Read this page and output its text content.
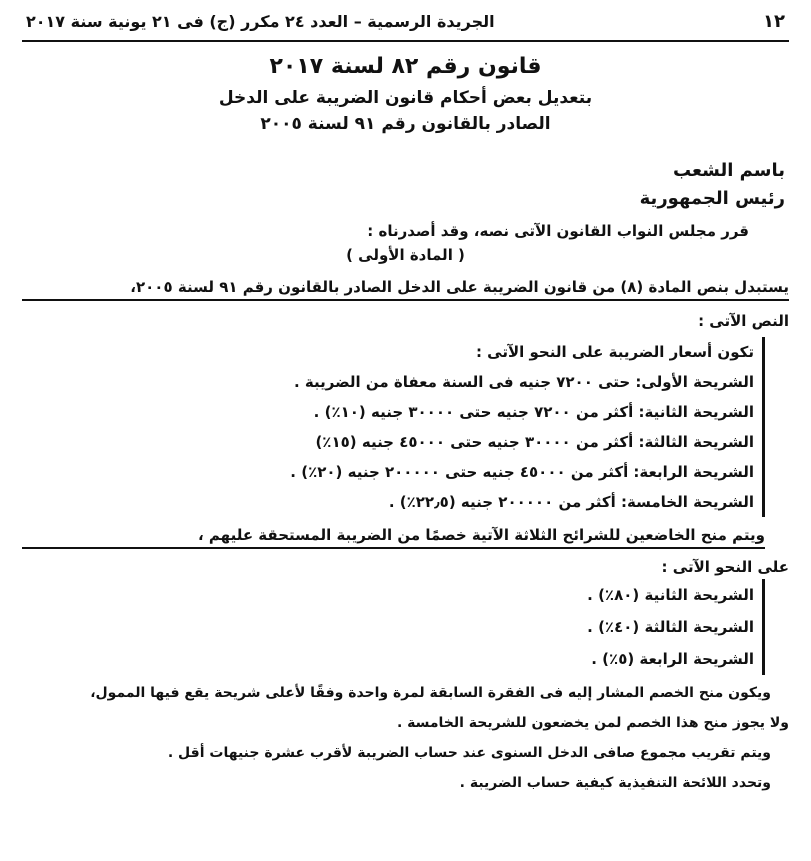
١٢
الجريدة الرسمية – العدد ٢٤ مكرر (ج) فى ٢١ يونية سنة ٢٠١٧

قانون رقم ٨٢ لسنة ٢٠١٧

بتعديل بعض أحكام قانون الضريبة على الدخل

الصادر بالقانون رقم ٩١ لسنة ٢٠٠٥

باسم الشعب
رئيس الجمهورية

قرر مجلس النواب القانون الآتى نصه، وقد أصدرناه :

( المادة الأولى )

يستبدل بنص المادة (٨) من قانون الضريبة على الدخل الصادر بالقانون رقم ٩١ لسنة ٢٠٠٥،

النص الآتى :

تكون أسعار الضريبة على النحو الآتى :

الشريحة الأولى: حتى ٧٢٠٠ جنيه فى السنة معفاة من الضريبة .

الشريحة الثانية: أكثر من ٧٢٠٠ جنيه حتى ٣٠٠٠٠ جنيه (١٠٪) .

الشريحة الثالثة: أكثر من ٣٠٠٠٠ جنيه حتى ٤٥٠٠٠ جنيه (١٥٪)

الشريحة الرابعة: أكثر من ٤٥٠٠٠ جنيه حتى ٢٠٠٠٠٠ جنيه (٢٠٪) .

الشريحة الخامسة: أكثر من ٢٠٠٠٠٠ جنيه (٢٢٫٥٪) .

ويتم منح الخاضعين للشرائح الثلاثة الآتية خصمًا من الضريبة المستحقة عليهم ،

على النحو الآتى :

الشريحة الثانية (٨٠٪) .

الشريحة الثالثة (٤٠٪) .

الشريحة الرابعة (٥٪) .

ويكون منح الخصم المشار إليه فى الفقرة السابقة لمرة واحدة وفقًا لأعلى شريحة يقع فيها الممول،

ولا يجوز منح هذا الخصم لمن يخضعون للشريحة الخامسة .

ويتم تقريب مجموع صافى الدخل السنوى عند حساب الضريبة لأقرب عشرة جنيهات أقل .

وتحدد اللائحة التنفيذية كيفية حساب الضريبة .
